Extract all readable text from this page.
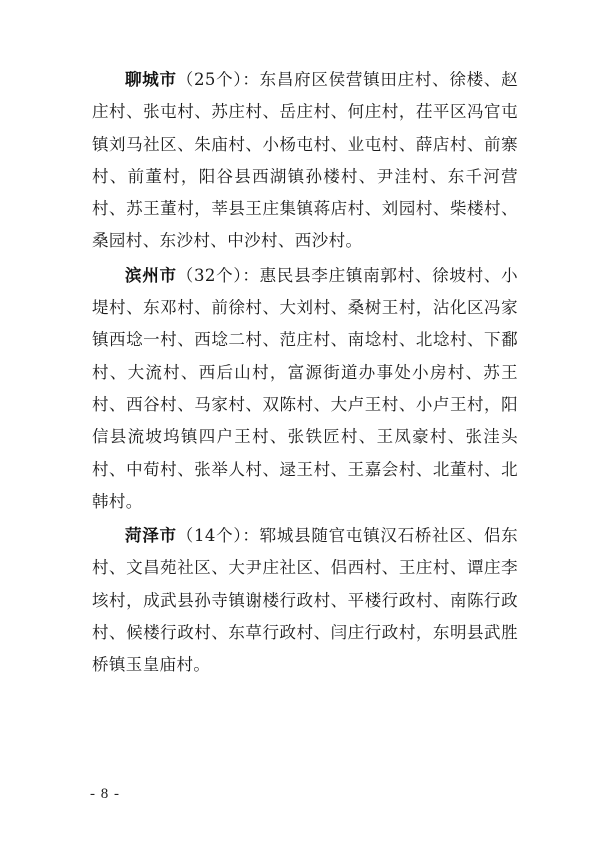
聊城市（25个）：东昌府区侯营镇田庄村、徐楼、赵庄村、张屯村、苏庄村、岳庄村、何庄村，茌平区冯官屯镇刘马社区、朱庙村、小杨屯村、业屯村、薛店村、前寨村、前董村，阳谷县西湖镇孙楼村、尹洼村、东千河营村、苏王董村，莘县王庄集镇蒋店村、刘园村、柴楼村、桑园村、东沙村、中沙村、西沙村。

滨州市（32个）：惠民县李庄镇南郭村、徐坡村、小堤村、东邓村、前徐村、大刘村、桑树王村，沾化区冯家镇西埝一村、西埝二村、范庄村、南埝村、北埝村、下鄱村、大流村、西后山村，富源街道办事处小房村、苏王村、西谷村、马家村、双陈村、大卢王村、小卢王村，阳信县流坡坞镇四户王村、张铁匠村、王凤豪村、张洼头村、中荀村、张举人村、逯王村、王嘉会村、北董村、北韩村。

菏泽市（14个）：郓城县随官屯镇汉石桥社区、侣东村、文昌苑社区、大尹庄社区、侣西村、王庄村、谭庄李垓村，成武县孙寺镇谢楼行政村、平楼行政村、南陈行政村、候楼行政村、东草行政村、闫庄行政村，东明县武胜桥镇玉皇庙村。

- 8 -
